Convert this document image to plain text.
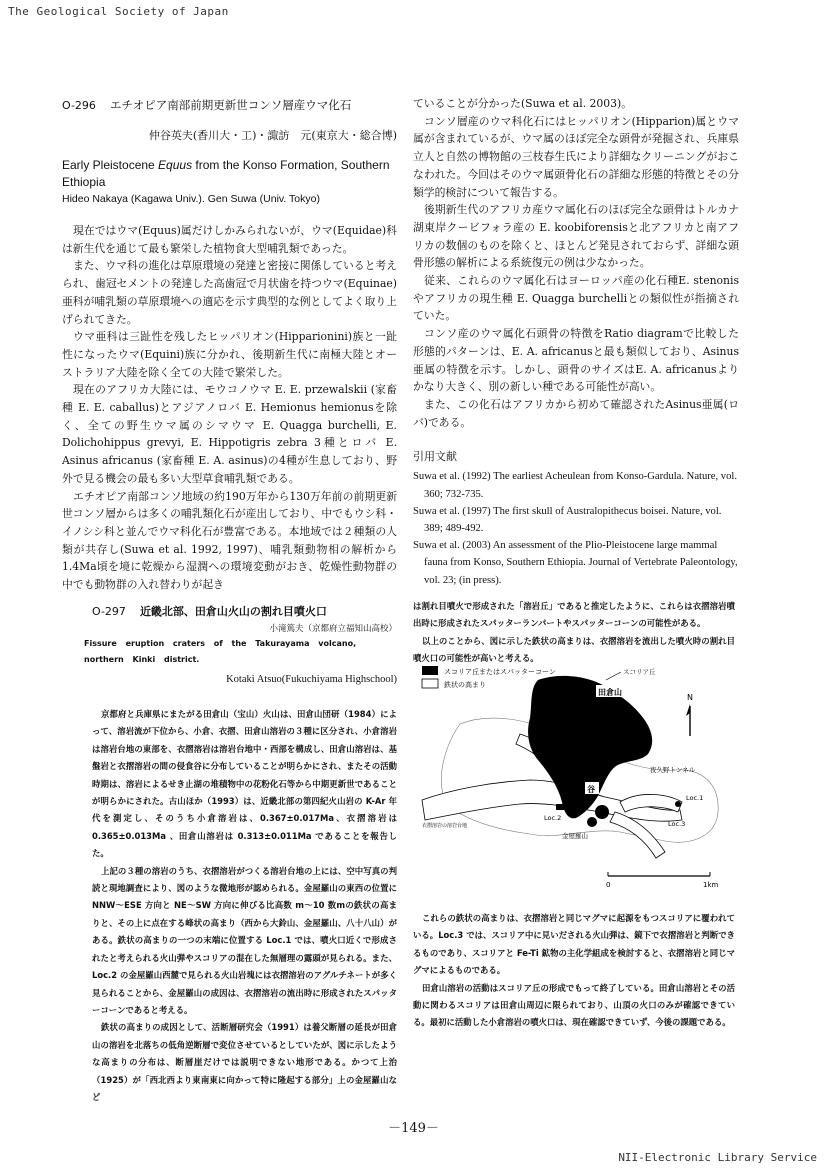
The Geological Society of Japan
O-296 エチオピア南部前期更新世コンソ層産ウマ化石
仲谷英夫(香川大・工)・諏訪　元(東京大・総合博)
Early Pleistocene Equus from the Konso Formation, Southern Ethiopia
Hideo Nakaya (Kagawa Univ.). Gen Suwa (Univ. Tokyo)

現在ではウマ(Equus)属だけしかみられないが、ウマ(Equidae)科は新生代を通じて最も繁栄した植物食大型哺乳類であった。

また、ウマ科の進化は草原環境の発達と密接に関係していると考えられ、歯冠セメントの発達した高歯冠で月状歯を持つウマ(Equinae)亜科が哺乳類の草原環境への適応を示す典型的な例としてよく取り上げられてきた。

ウマ亜科は三趾性を残したヒッパリオン(Hipparionini)族と一趾性になったウマ(Equini)族に分かれ、後期新生代に南極大陸とオーストラリア大陸を除く全ての大陸で繁栄した。

現在のアフリカ大陸には、モウコノウマ E. E. przewalskii (家畜種 E. E. caballus)とアジアノロバ E. Hemionus hemionusを除く、全ての野生ウマ属のシマウマ E. Quagga burchelli, E. Dolichohippus grevyi, E. Hippotigris zebra 3種とロバ E. Asinus africanus (家畜種 E. A. asinus)の4種が生息しており、野外で見る機会の最も多い大型草食哺乳類である。

エチオピア南部コンソ地域の約190万年から130万年前の前期更新世コンソ層からは多くの哺乳類化石が産出しており、中でもウシ科・イノシシ科と並んでウマ科化石が豊富である。本地域では２種類の人類が共存し(Suwa et al. 1992, 1997)、哺乳類動物相の解析から1.4Ma頃を境に乾燥から湿潤への環境変動がおき、乾燥性動物群の中でも動物群の入れ替わりが起き

ていることが分かった(Suwa et al. 2003)。

コンソ層産のウマ科化石にはヒッパリオン(Hipparion)属とウマ属が含まれているが、ウマ属のほぼ完全な頭骨が発掘され、兵庫県立人と自然の博物館の三枝春生氏により詳細なクリーニングがおこなわれた。今回はそのウマ属頭骨化石の詳細な形態的特徴とその分類学的検討について報告する。

後期新生代のアフリカ産ウマ属化石のほぼ完全な頭骨はトルカナ湖東岸クービフォラ産の E. koobiforensisと北アフリカと南アフリカの数個のものを除くと、ほとんど発見されておらず、詳細な頭骨形態の解析による系統復元の例は少なかった。

従来、これらのウマ属化石はヨーロッパ産の化石種E. stenonisやアフリカの現生種 E. Quagga burchelliとの類似性が指摘されていた。

コンソ産のウマ属化石頭骨の特徴をRatio diagramで比較した形態的パターンは、E. A. africanusと最も類似しており、Asinus亜属の特徴を示す。しかし、頭骨のサイズはE. A. africanusよりかなり大きく、別の新しい種である可能性が高い。

また、この化石はアフリカから初めて確認されたAsinus亜属(ロバ)である。

引用文献

Suwa et al. (1992) The earliest Acheulean from Konso-Gardula. Nature, vol. 360; 732-735.

Suwa et al. (1997) The first skull of Australopithecus boisei. Nature, vol. 389; 489-492.

Suwa et al. (2003) An assessment of the Plio-Pleistocene large mammal fauna from Konso, Southern Ethiopia. Journal of Vertebrate Paleontology, vol. 23; (in press).

O-297 近畿北部、田倉山火山の割れ目噴火口
小滝篤夫（京都府立福知山高校）
Fissure eruption craters of the Takurayama volcano, northern Kinki district.
Kotaki Atsuo(Fukuchiyama Highschool)

京都府と兵庫県にまたがる田倉山（宝山）火山は、田倉山団研（1984）によって、溶岩流が下位から、小倉、衣摺、田倉山溶岩の３種に区分され、小倉溶岩は溶岩台地の東部を、衣摺溶岩は溶岩台地中・西部を構成し、田倉山溶岩は、基盤岩と衣摺溶岩の間の侵食谷に分布していることが明らかにされ、またその活動時期は、溶岩によるせき止湖の堆積物中の花粉化石等から中期更新世であることが明らかにされた。古山ほか（1993）は、近畿北部の第四紀火山岩の K-Ar 年代を測定し、そのうち小倉溶岩は、0.367±0.017Ma、衣摺溶岩は 0.365±0.013Ma 、田倉山溶岩は 0.313±0.011Ma であることを報告した。

上記の３種の溶岩のうち、衣摺溶岩がつくる溶岩台地の上には、空中写真の判読と現地調査により、図のような微地形が認められる。金屋羅山の東西の位置に NNW〜ESE 方向と NE〜SW 方向に伸びる比高数 m〜10 数mの鉄状の高まりと、その上に点在する峰状の高まり（西から大鈴山、金屋羅山、八十八山）がある。鉄状の高まりの一つの末端に位置する Loc.1 では、噴火口近くで形成されたと考えられる火山弾やスコリアの混在した無層理の露頭が見られる。また、Loc.2 の金屋羅山西麓で見られる火山岩塊には衣摺溶岩のアグルチネートが多く見られることから、金屋羅山の成因は、衣摺溶岩の流出時に形成されたスパッターコーンであると考える。

鉄状の高まりの成因として、活断層研究会（1991）は養父断層の延長が田倉山の溶岩を北落ちの低角逆断層で変位させているとしていたが、図に示したような高まりの分布は、断層崖だけでは説明できない地形である。かつて上治（1925）が「西北西より東南東に向かって特に隆起する部分」上の金屋羅山など

は割れ目噴火で形成された「溶岩丘」であると推定したように、これらは衣摺溶岩噴出時に形成されたスパッターランパートやスパッターコーンの可能性がある。

以上のことから、図に示した鉄状の高まりは、衣摺溶岩を流出した噴火時の割れ目噴火口の可能性が高いと考える。

スコリア丘またはスパッターコーン
鉄状の高まり
田倉山
スコリア丘
谷
夜久野トンネル
Loc.1
Loc.2
Loc.3
金屋羅山
衣摺溶岩の溶岩台地
N
0	1km

これらの鉄状の高まりは、衣摺溶岩と同じマグマに起源をもつスコリアに覆われている。Loc.3 では、スコリア中に見いだされる火山弾は、鏡下で衣摺溶岩と判断できるものであり、スコリアと Fe-Ti 鉱物の主化学組成を検討すると、衣摺溶岩と同じマグマによるものである。

田倉山溶岩の活動はスコリア丘の形成でもって終了している。田倉山溶岩とその活動に関わるスコリアは田倉山周辺に限られており、山頂の火口のみが確認できている。最初に活動した小倉溶岩の噴火口は、現在確認できていず、今後の課題である。

－149－
NII-Electronic Library Service
